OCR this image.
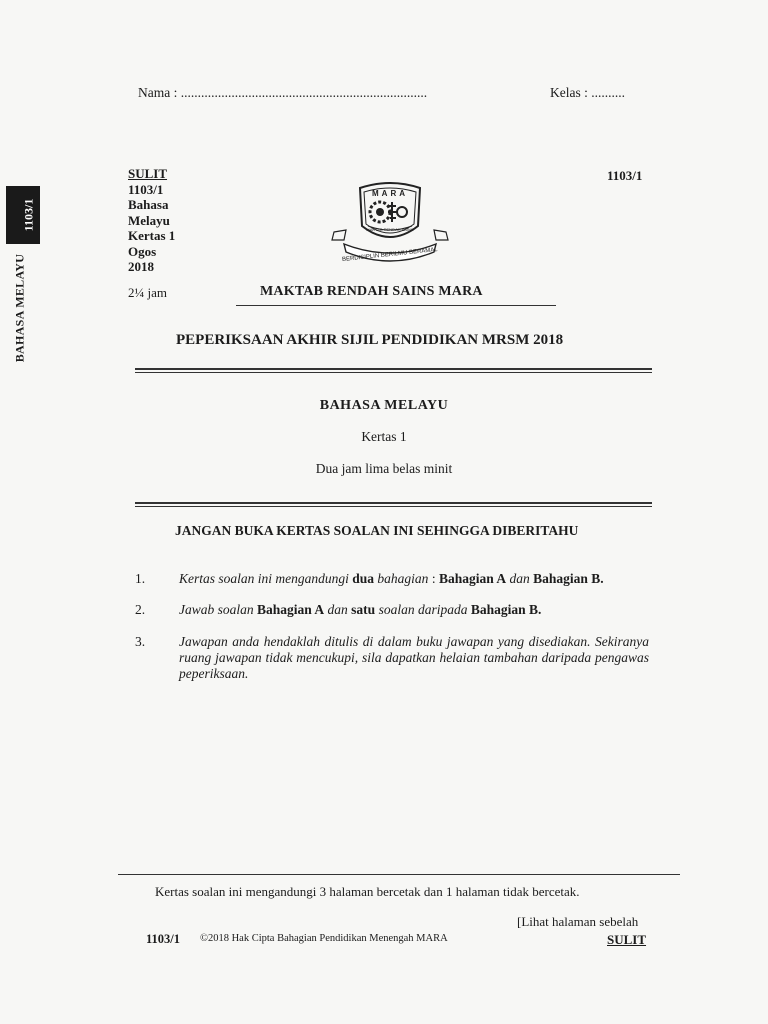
Nama : .........................................................................	Kelas : ..........
1103/1
BAHASA MELAYU
SULIT
1103/1
Bahasa
Melayu
Kertas 1
Ogos
2018
2¼ jam
1103/1
MARA
MAKTAB RENDAH SAINS
BERDISIPLIN BERILMU BERAMAL
MAKTAB RENDAH SAINS MARA
PEPERIKSAAN AKHIR SIJIL PENDIDIKAN MRSM 2018
BAHASA MELAYU
Kertas 1
Dua jam lima belas minit
JANGAN BUKA KERTAS SOALAN INI SEHINGGA DIBERITAHU
1.	Kertas soalan ini mengandungi dua bahagian : Bahagian A dan Bahagian B.
2.	Jawab soalan Bahagian A dan satu soalan daripada Bahagian B.
3.	Jawapan anda hendaklah ditulis di dalam buku jawapan yang disediakan. Sekiranya ruang jawapan tidak mencukupi, sila dapatkan helaian tambahan daripada pengawas peperiksaan.
Kertas soalan ini mengandungi 3 halaman bercetak dan 1 halaman tidak bercetak.
[Lihat halaman sebelah
1103/1 ©2018 Hak Cipta Bahagian Pendidikan Menengah MARA	SULIT
